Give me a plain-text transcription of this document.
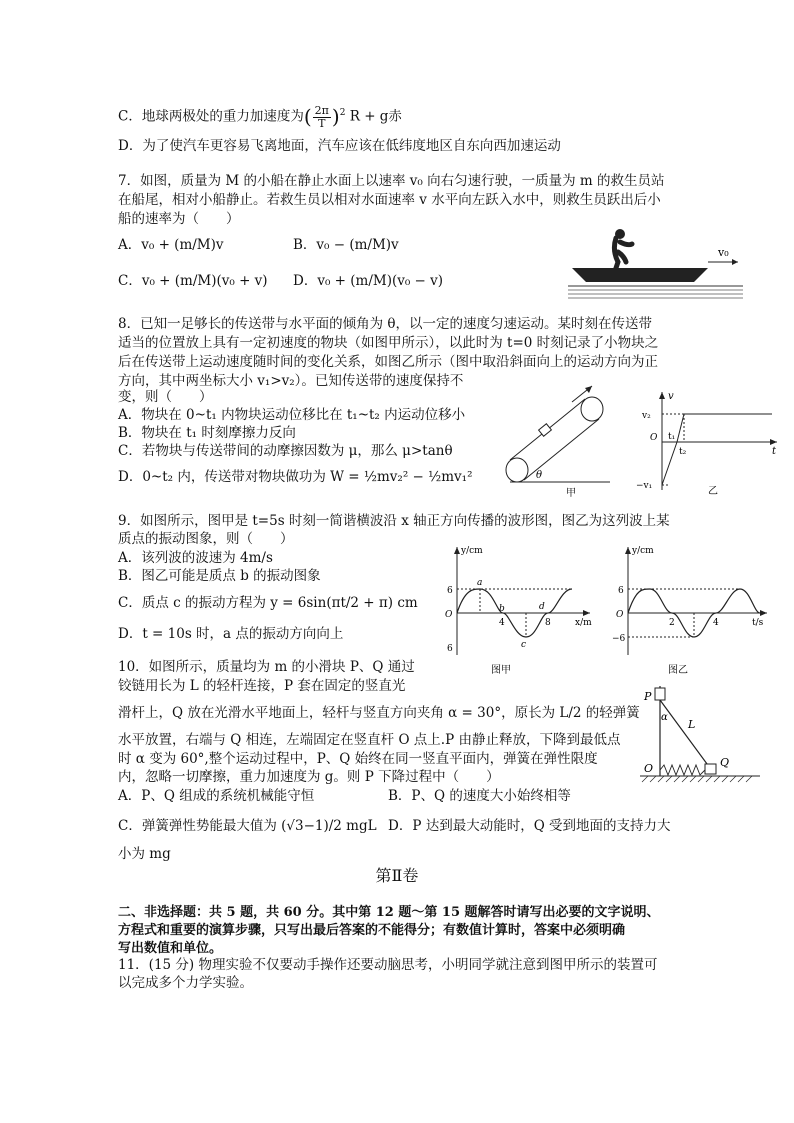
C．地球两极处的重力加速度为( $\frac{2\pi}{T} )^2$ R + g赤
D．为了使汽车更容易飞离地面，汽车应该在低纬度地区自东向西加速运动
7．如图，质量为 M 的小船在静止水面上以速率 v₀ 向右匀速行驶，一质量为 m 的救生员站
在船尾，相对小船静止。若救生员以相对水面速率 v 水平向左跃入水中，则救生员跃出后小
船的速率为（　　）
A．v₀ + (m/M)v	B．v₀ − (m/M)v
C．v₀ + (m/M)(v₀ + v) D．v₀ + (m/M)(v₀ − v)
v₀
8．已知一足够长的传送带与水平面的倾角为 θ，以一定的速度匀速运动。某时刻在传送带
适当的位置放上具有一定初速度的物块（如图甲所示），以此时为 t=0 时刻记录了小物块之
后在传送带上运动速度随时间的变化关系，如图乙所示（图中取沿斜面向上的运动方向为正
方向，其中两坐标大小 v₁>v₂）。已知传送带的速度保持不
变，则（　　）
A．物块在 0~t₁ 内物块运动位移比在 t₁~t₂ 内运动位移小
B．物块在 t₁ 时刻摩擦力反向
C．若物块与传送带间的动摩擦因数为 μ，那么 μ>tanθ
D．0~t₂ 内，传送带对物块做功为 W = ½mv₂² − ½mv₁²	θ
甲
v
t
v₂
−v₁
O t₁
t₂
乙
9．如图所示，图甲是 t=5s 时刻一简谐横波沿 x 轴正方向传播的波形图，图乙为这列波上某
质点的振动图象，则（　　）
A．该列波的波速为 4m/s
B．图乙可能是质点 b 的振动图象
C．质点 c 的振动方程为 y = 6sin(πt/2 + π) cm
D．t = 10s 时，a 点的振动方向向上
y/cm
x/m
6
6
O
4	8
a
b
c
d
图甲
y/cm
t/s
6
−6
O
2	4
图乙
10．如图所示，质量均为 m 的小滑块 P、Q 通过
铰链用长为 L 的轻杆连接，P 套在固定的竖直光
滑杆上，Q 放在光滑水平地面上，轻杆与竖直方向夹角 α = 30°，原长为 L/2 的轻弹簧
水平放置，右端与 Q 相连，左端固定在竖直杆 O 点上.P 由静止释放，下降到最低点
时 α 变为 60°,整个运动过程中，P、Q 始终在同一竖直平面内，弹簧在弹性限度
内，忽略一切摩擦，重力加速度为 g。则 P 下降过程中（　　）
A．P、Q 组成的系统机械能守恒	B．P、Q 的速度大小始终相等
C．弹簧弹性势能最大值为 (√3−1)/2 mgL D．P 达到最大动能时，Q 受到地面的支持力大
小为 mg
P
Q
O
L
α
第Ⅱ卷
二、非选择题：共 5 题，共 60 分。其中第 12 题～第 15 题解答时请写出必要的文字说明、
方程式和重要的演算步骤，只写出最后答案的不能得分；有数值计算时，答案中必须明确
写出数值和单位。
11．(15 分) 物理实验不仅要动手操作还要动脑思考，小明同学就注意到图甲所示的装置可
以完成多个力学实验。
